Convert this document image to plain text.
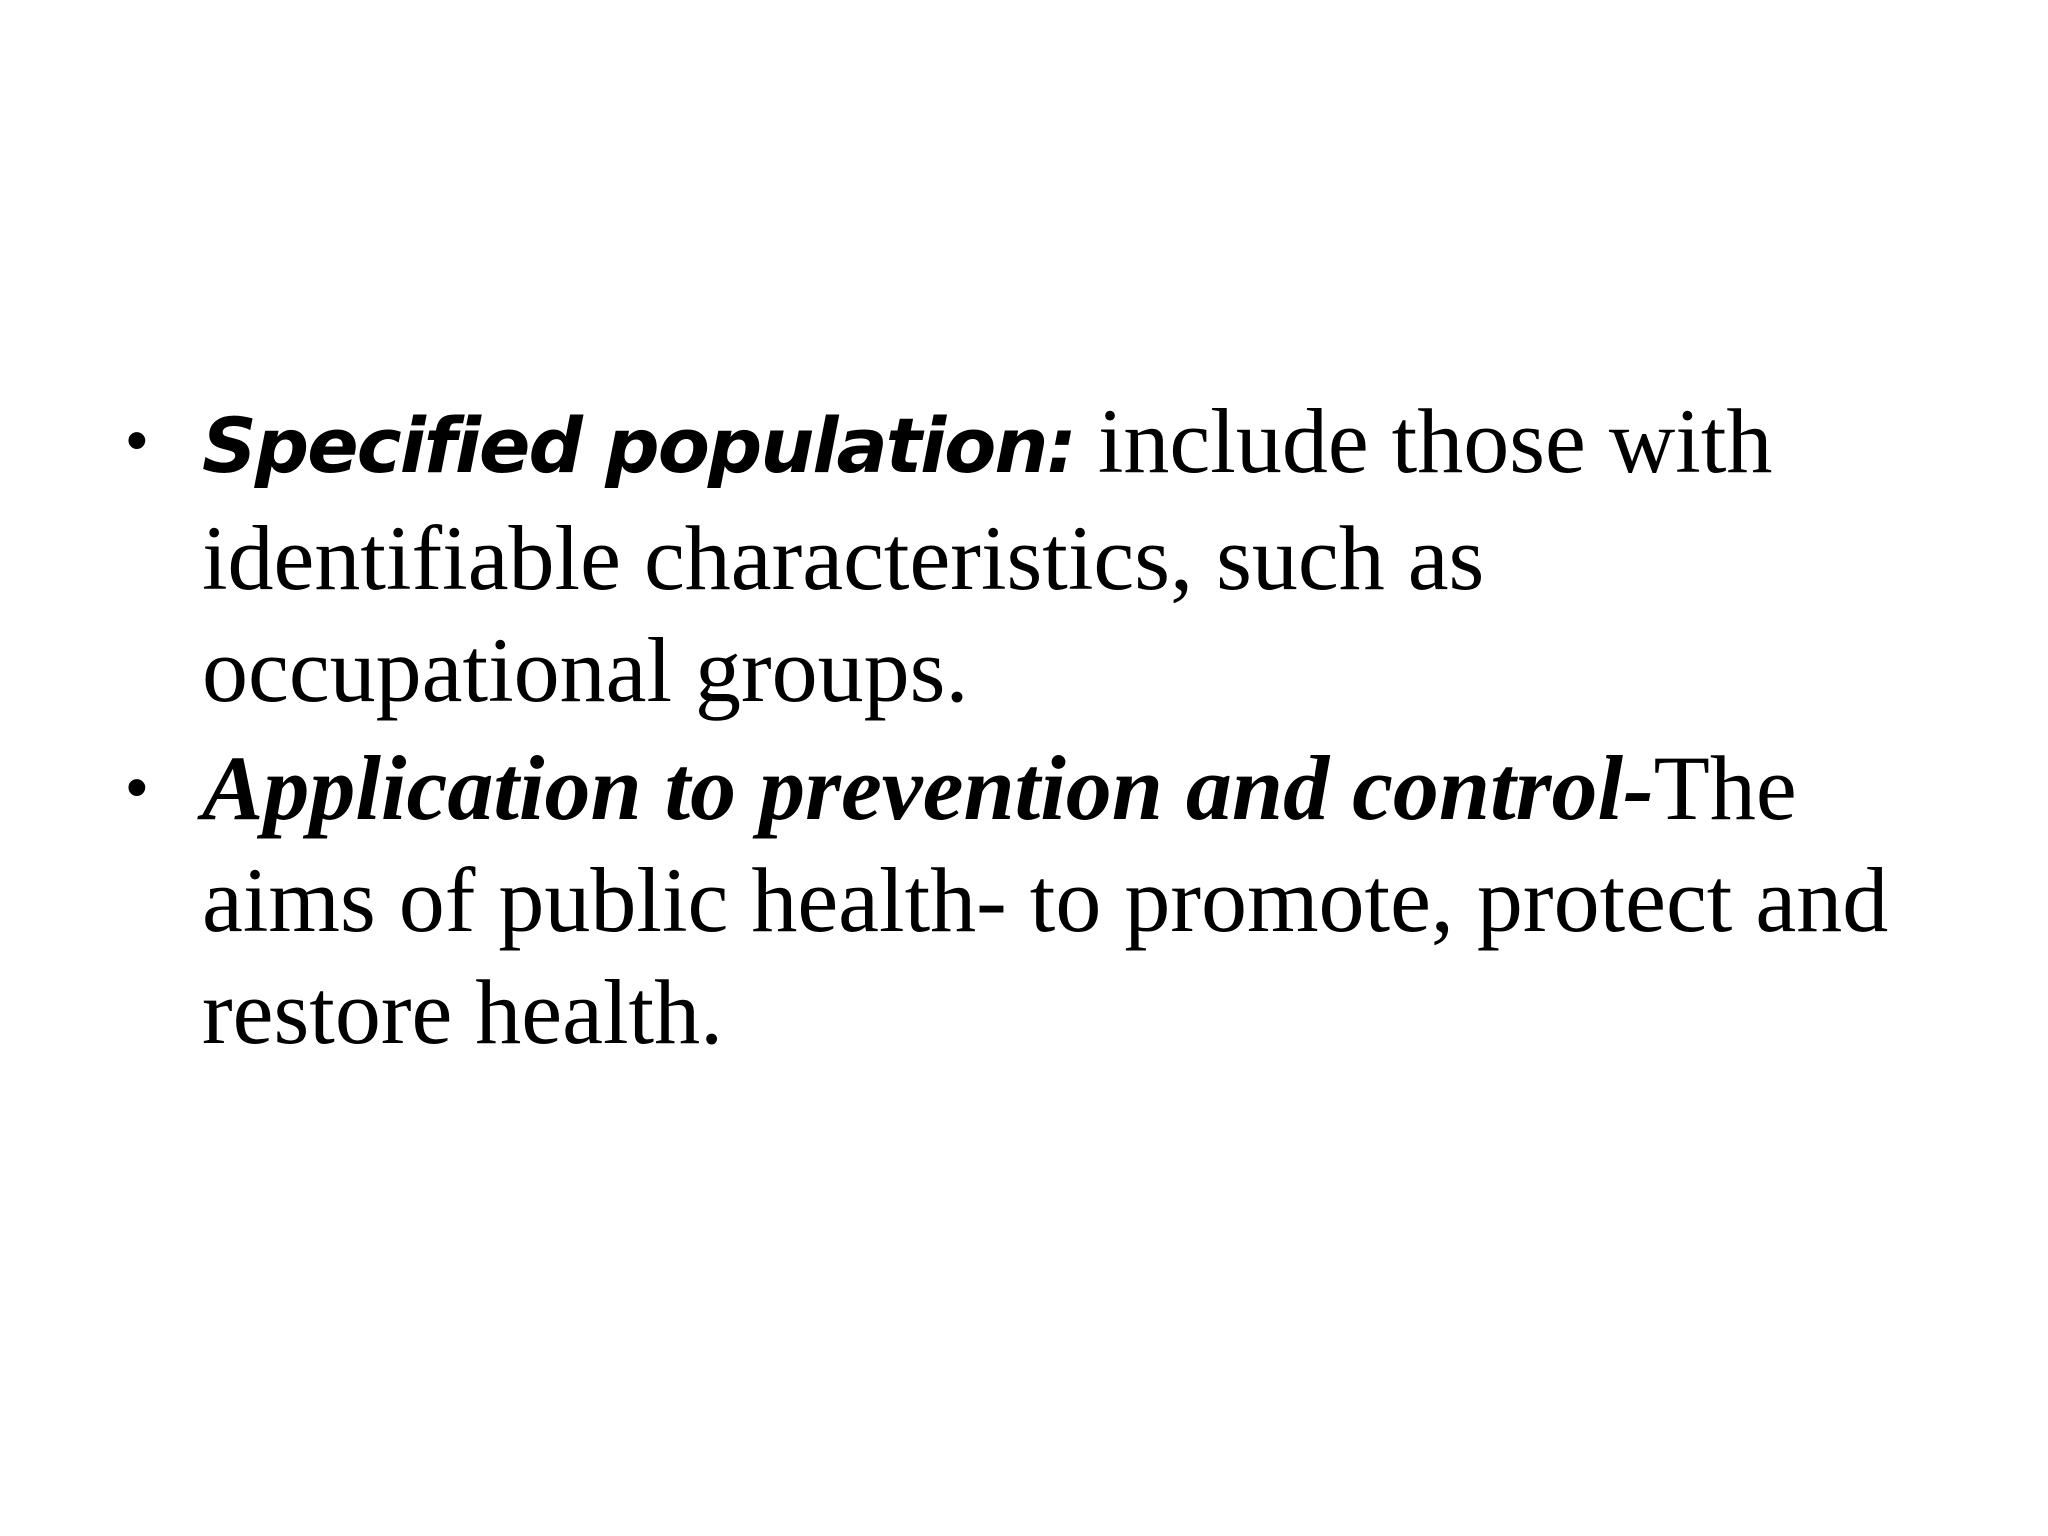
• Specified population: include those with identifiable characteristics, such as occupational groups.
• Application to prevention and control-The aims of public health- to promote, protect and restore health.
